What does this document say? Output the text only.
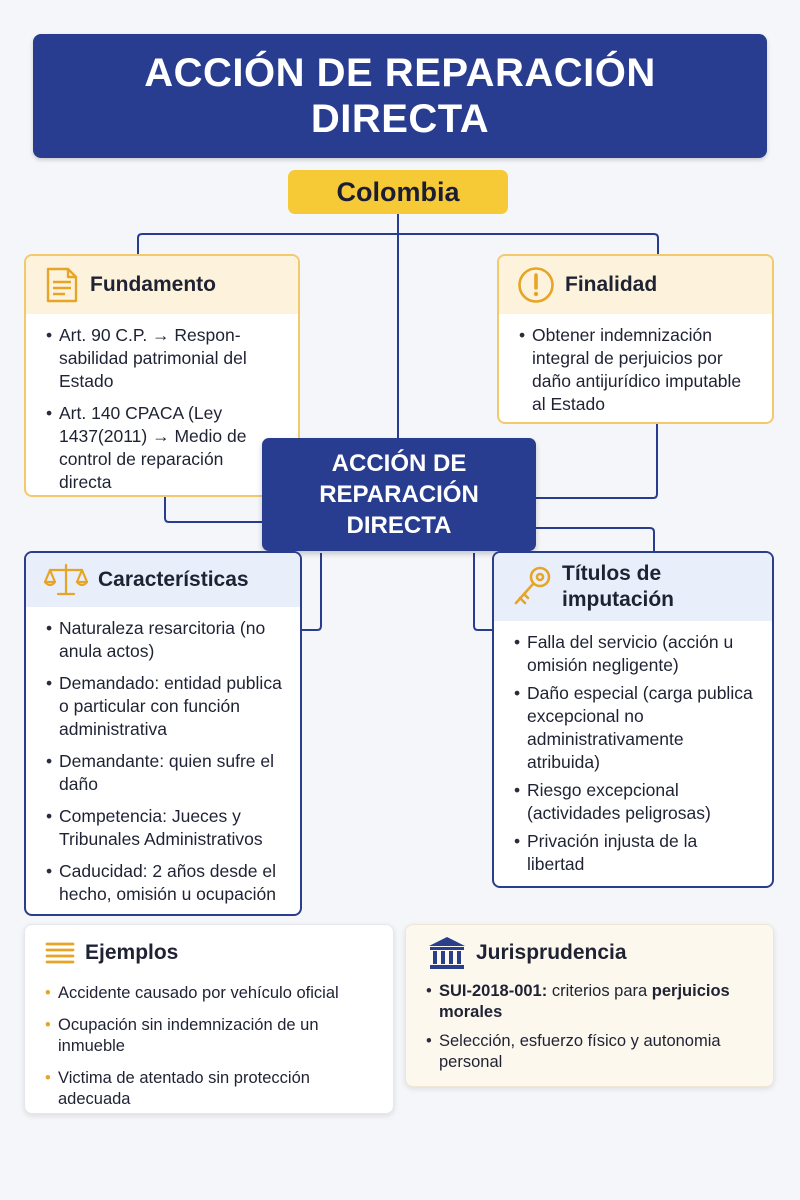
ACCIÓN DE REPARACIÓN DIRECTA
Colombia
Fundamento
• Art. 90 C.P. → Respon-sabilidad patrimonial del Estado
• Art. 140 CPACA (Ley 1437(2011) → Medio de control de reparación directa
Finalidad
• Obtener indemnización integral de perjuicios por daño antijurídico imputable al Estado
ACCIÓN DE REPARACIÓN DIRECTA
Características
• Naturaleza resarcitoria (no anula actos)
• Demandado: entidad publica o particular con función administrativa
• Demandante: quien sufre el daño
• Competencia: Jueces y Tribunales Administrativos
• Caducidad: 2 años desde el hecho, omisión u ocupación
Títulos de imputación
• Falla del servicio (acción u omisión negligente)
• Daño especial (carga publica excepcional no administrativamente atribuida)
• Riesgo excepcional (actividades peligrosas)
• Privación injusta de la libertad
Ejemplos
• Accidente causado por vehículo oficial
• Ocupación sin indemnización de un inmueble
• Victima de atentado sin protección adecuada
Jurisprudencia
• SUI-2018-001: criterios para perjuicios morales
• Selección, esfuerzo físico y autonomia personal
